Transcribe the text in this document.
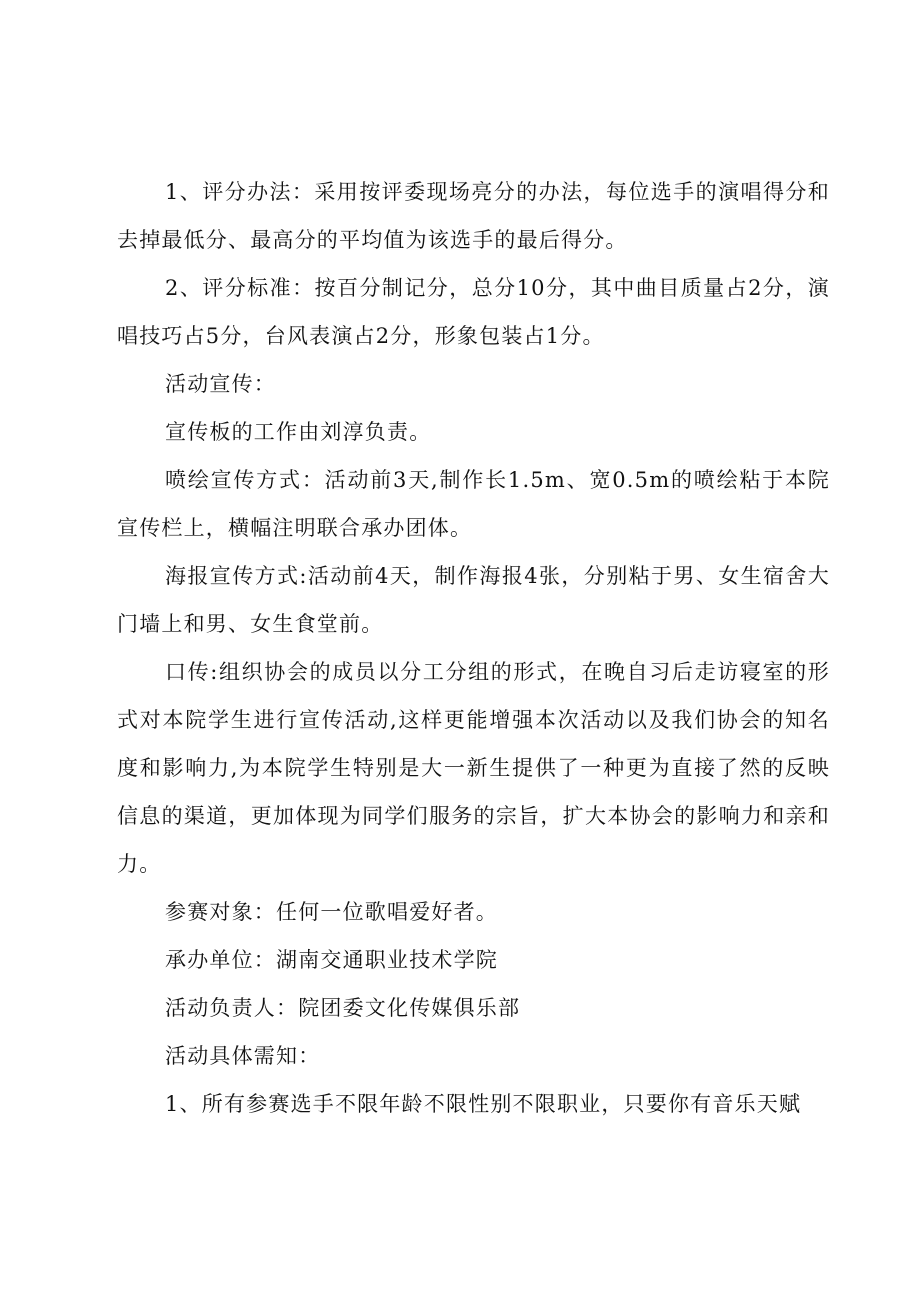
1、评分办法：采用按评委现场亮分的办法，每位选手的演唱得分和去掉最低分、最高分的平均值为该选手的最后得分。

2、评分标准：按百分制记分，总分10分，其中曲目质量占2分，演唱技巧占5分，台风表演占2分，形象包装占1分。

活动宣传：

宣传板的工作由刘淳负责。

喷绘宣传方式：活动前3天,制作长1.5m、宽0.5m的喷绘粘于本院宣传栏上，横幅注明联合承办团体。

海报宣传方式:活动前4天，制作海报4张，分别粘于男、女生宿舍大门墙上和男、女生食堂前。

口传:组织协会的成员以分工分组的形式，在晚自习后走访寝室的形式对本院学生进行宣传活动,这样更能增强本次活动以及我们协会的知名度和影响力,为本院学生特别是大一新生提供了一种更为直接了然的反映信息的渠道，更加体现为同学们服务的宗旨，扩大本协会的影响力和亲和力。

参赛对象：任何一位歌唱爱好者。

承办单位：湖南交通职业技术学院

活动负责人：院团委文化传媒俱乐部

活动具体需知：

1、所有参赛选手不限年龄不限性别不限职业，只要你有音乐天赋
